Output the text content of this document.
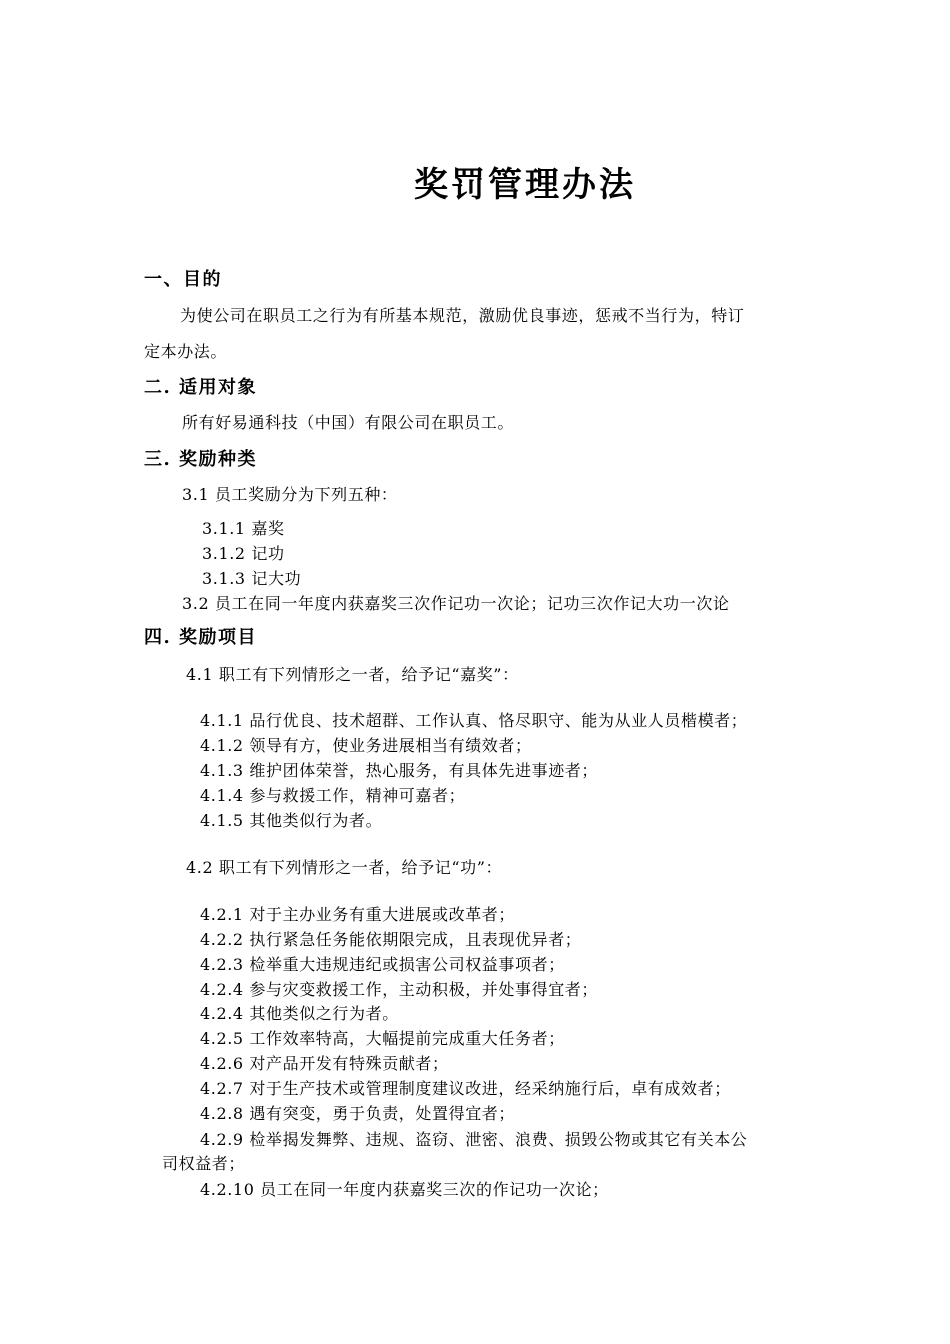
奖罚管理办法
一、目的
为使公司在职员工之行为有所基本规范，激励优良事迹，惩戒不当行为，特订
定本办法。
二. 适用对象
所有好易通科技（中国）有限公司在职员工。
三. 奖励种类
3.1 员工奖励分为下列五种：
3.1.1 嘉奖
3.1.2 记功
3.1.3 记大功
3.2 员工在同一年度内获嘉奖三次作记功一次论；记功三次作记大功一次论
四. 奖励项目
4.1 职工有下列情形之一者，给予记“嘉奖”：
4.1.1 品行优良、技术超群、工作认真、恪尽职守、能为从业人员楷模者；
4.1.2 领导有方，使业务进展相当有绩效者；
4.1.3 维护团体荣誉，热心服务，有具体先进事迹者；
4.1.4 参与救援工作，精神可嘉者；
4.1.5 其他类似行为者。
4.2 职工有下列情形之一者，给予记“功”：
4.2.1 对于主办业务有重大进展或改革者；
4.2.2 执行紧急任务能依期限完成，且表现优异者；
4.2.3 检举重大违规违纪或损害公司权益事项者；
4.2.4 参与灾变救援工作，主动积极，并处事得宜者；
4.2.4 其他类似之行为者。
4.2.5 工作效率特高，大幅提前完成重大任务者；
4.2.6 对产品开发有特殊贡献者；
4.2.7 对于生产技术或管理制度建议改进，经采纳施行后，卓有成效者；
4.2.8 遇有突变，勇于负责，处置得宜者；
4.2.9 检举揭发舞弊、违规、盗窃、泄密、浪费、损毁公物或其它有关本公
司权益者；
4.2.10 员工在同一年度内获嘉奖三次的作记功一次论；
